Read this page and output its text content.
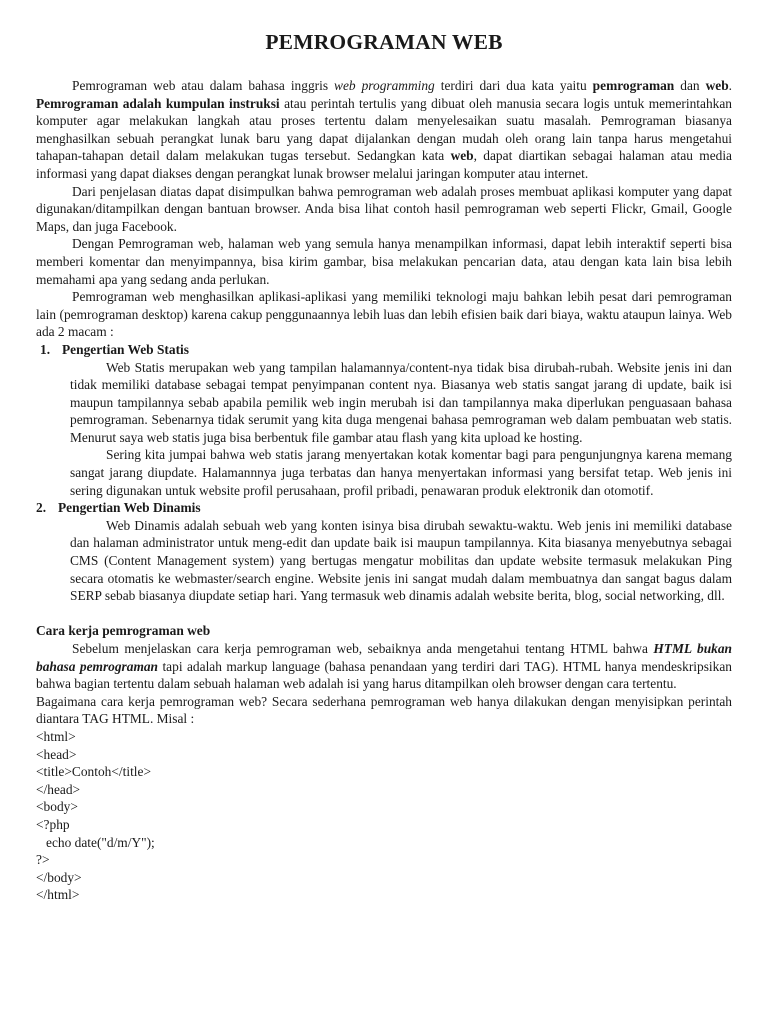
PEMROGRAMAN WEB

Pemrograman web atau dalam bahasa inggris web programming terdiri dari dua kata yaitu pemrograman dan web. Pemrograman adalah kumpulan instruksi atau perintah tertulis yang dibuat oleh manusia secara logis untuk memerintahkan komputer agar melakukan langkah atau proses tertentu dalam menyelesaikan suatu masalah. Pemrograman biasanya menghasilkan sebuah perangkat lunak baru yang dapat dijalankan dengan mudah oleh orang lain tanpa harus mengetahui tahapan-tahapan detail dalam melakukan tugas tersebut. Sedangkan kata web, dapat diartikan sebagai halaman atau media informasi yang dapat diakses dengan perangkat lunak browser melalui jaringan komputer atau internet.

Dari penjelasan diatas dapat disimpulkan bahwa pemrograman web adalah proses membuat aplikasi komputer yang dapat digunakan/ditampilkan dengan bantuan browser. Anda bisa lihat contoh hasil pemrograman web seperti Flickr, Gmail, Google Maps, dan juga Facebook.

Dengan Pemrograman web, halaman web yang semula hanya menampilkan informasi, dapat lebih interaktif seperti bisa memberi komentar dan menyimpannya, bisa kirim gambar, bisa melakukan pencarian data, atau dengan kata lain bisa lebih memahami apa yang sedang anda perlukan.

Pemrograman web menghasilkan aplikasi-aplikasi yang memiliki teknologi maju bahkan lebih pesat dari pemrograman lain (pemrograman desktop) karena cakup penggunaannya lebih luas dan lebih efisien baik dari biaya, waktu ataupun lainya. Web ada 2 macam :

1. Pengertian Web Statis

Web Statis merupakan web yang tampilan halamannya/content-nya tidak bisa dirubah-rubah. Website jenis ini dan tidak memiliki database sebagai tempat penyimpanan content nya. Biasanya web statis sangat jarang di update, baik isi maupun tampilannya sebab apabila pemilik web ingin merubah isi dan tampilannya maka diperlukan penguasaan bahasa pemrograman. Sebenarnya tidak serumit yang kita duga mengenai bahasa pemrograman web dalam pembuatan web statis. Menurut saya web statis juga bisa berbentuk file gambar atau flash yang kita upload ke hosting.

Sering kita jumpai bahwa web statis jarang menyertakan kotak komentar bagi para pengunjungnya karena memang sangat jarang diupdate. Halamannnya juga terbatas dan hanya menyertakan informasi yang bersifat tetap. Web jenis ini sering digunakan untuk website profil perusahaan, profil pribadi, penawaran produk elektronik dan otomotif.

2. Pengertian Web Dinamis

Web Dinamis adalah sebuah web yang konten isinya bisa dirubah sewaktu-waktu. Web jenis ini memiliki database dan halaman administrator untuk meng-edit dan update baik isi maupun tampilannya. Kita biasanya menyebutnya sebagai CMS (Content Management system) yang bertugas mengatur mobilitas dan update website termasuk melakukan Ping secara otomatis ke webmaster/search engine. Website jenis ini sangat mudah dalam membuatnya dan sangat bagus dalam SERP sebab biasanya diupdate setiap hari. Yang termasuk web dinamis adalah website berita, blog, social networking, dll.

Cara kerja pemrograman web

Sebelum menjelaskan cara kerja pemrograman web, sebaiknya anda mengetahui tentang HTML bahwa HTML bukan bahasa pemrograman tapi adalah markup language (bahasa penandaan yang terdiri dari TAG). HTML hanya mendeskripsikan bahwa bagian tertentu dalam sebuah halaman web adalah isi yang harus ditampilkan oleh browser dengan cara tertentu.

Bagaimana cara kerja pemrograman web? Secara sederhana pemrograman web hanya dilakukan dengan menyisipkan perintah diantara TAG HTML. Misal :

<html>

<head>

<title>Contoh</title>

</head>

<body>

<?php

echo date("d/m/Y");

?>

</body>

</html>
